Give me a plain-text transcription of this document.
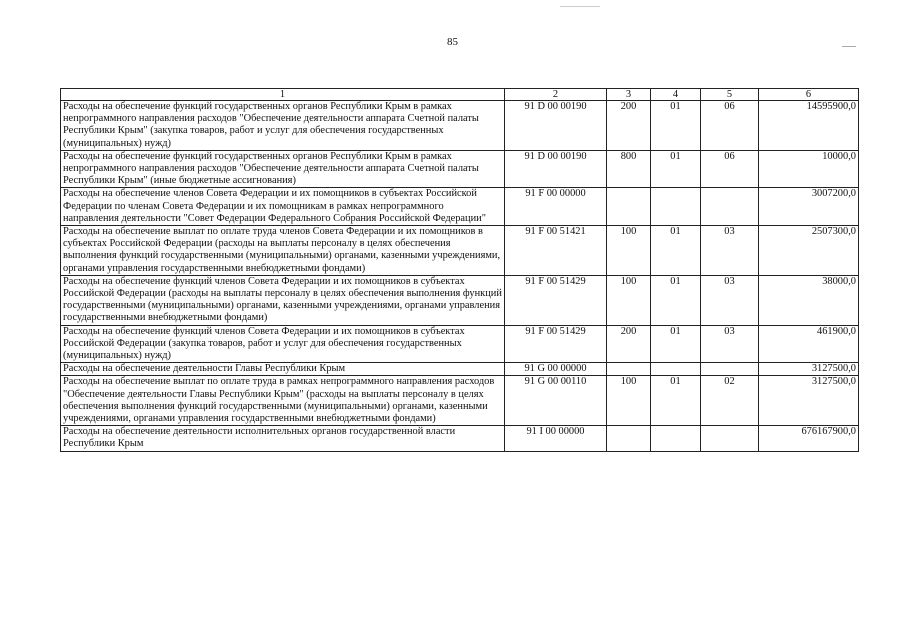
85
1	2	3	4	5	6
Расходы на обеспечение функций государственных органов Республики Крым в рамках непрограммного направления расходов "Обеспечение деятельности аппарата Счетной палаты Республики Крым" (закупка товаров, работ и услуг для обеспечения государственных (муниципальных) нужд)	91 D 00 00190	200	01	06	14595900,0
Расходы на обеспечение функций государственных органов Республики Крым в рамках непрограммного направления расходов "Обеспечение деятельности аппарата Счетной палаты Республики Крым" (иные бюджетные ассигнования)	91 D 00 00190	800	01	06	10000,0
Расходы на обеспечение членов Совета Федерации и их помощников в субъектах Российской Федерации по членам Совета Федерации и их помощникам в рамках непрограммного направления деятельности "Совет Федерации Федерального Собрания Российской Федерации"	91 F 00 00000				3007200,0
Расходы на обеспечение выплат по оплате труда членов Совета Федерации и их помощников в субъектах Российской Федерации (расходы на выплаты персоналу в целях обеспечения выполнения функций государственными (муниципальными) органами, казенными учреждениями, органами управления государственными внебюджетными фондами)	91 F 00 51421	100	01	03	2507300,0
Расходы на обеспечение функций членов Совета Федерации и их помощников в субъектах Российской Федерации (расходы на выплаты персоналу в целях обеспечения выполнения функций государственными (муниципальными) органами, казенными учреждениями, органами управления государственными внебюджетными фондами)	91 F 00 51429	100	01	03	38000,0
Расходы на обеспечение функций членов Совета Федерации и их помощников в субъектах Российской Федерации (закупка товаров, работ и услуг для обеспечения государственных (муниципальных) нужд)	91 F 00 51429	200	01	03	461900,0
Расходы на обеспечение деятельности Главы Республики Крым	91 G 00 00000				3127500,0
Расходы на обеспечение выплат по оплате труда в рамках непрограммного направления расходов "Обеспечение деятельности Главы Республики Крым" (расходы на выплаты персоналу в целях обеспечения выполнения функций государственными (муниципальными) органами, казенными учреждениями, органами управления государственными внебюджетными фондами)	91 G 00 00110	100	01	02	3127500,0
Расходы на обеспечение деятельности исполнительных органов государственной власти Республики Крым	91 I 00 00000				676167900,0
